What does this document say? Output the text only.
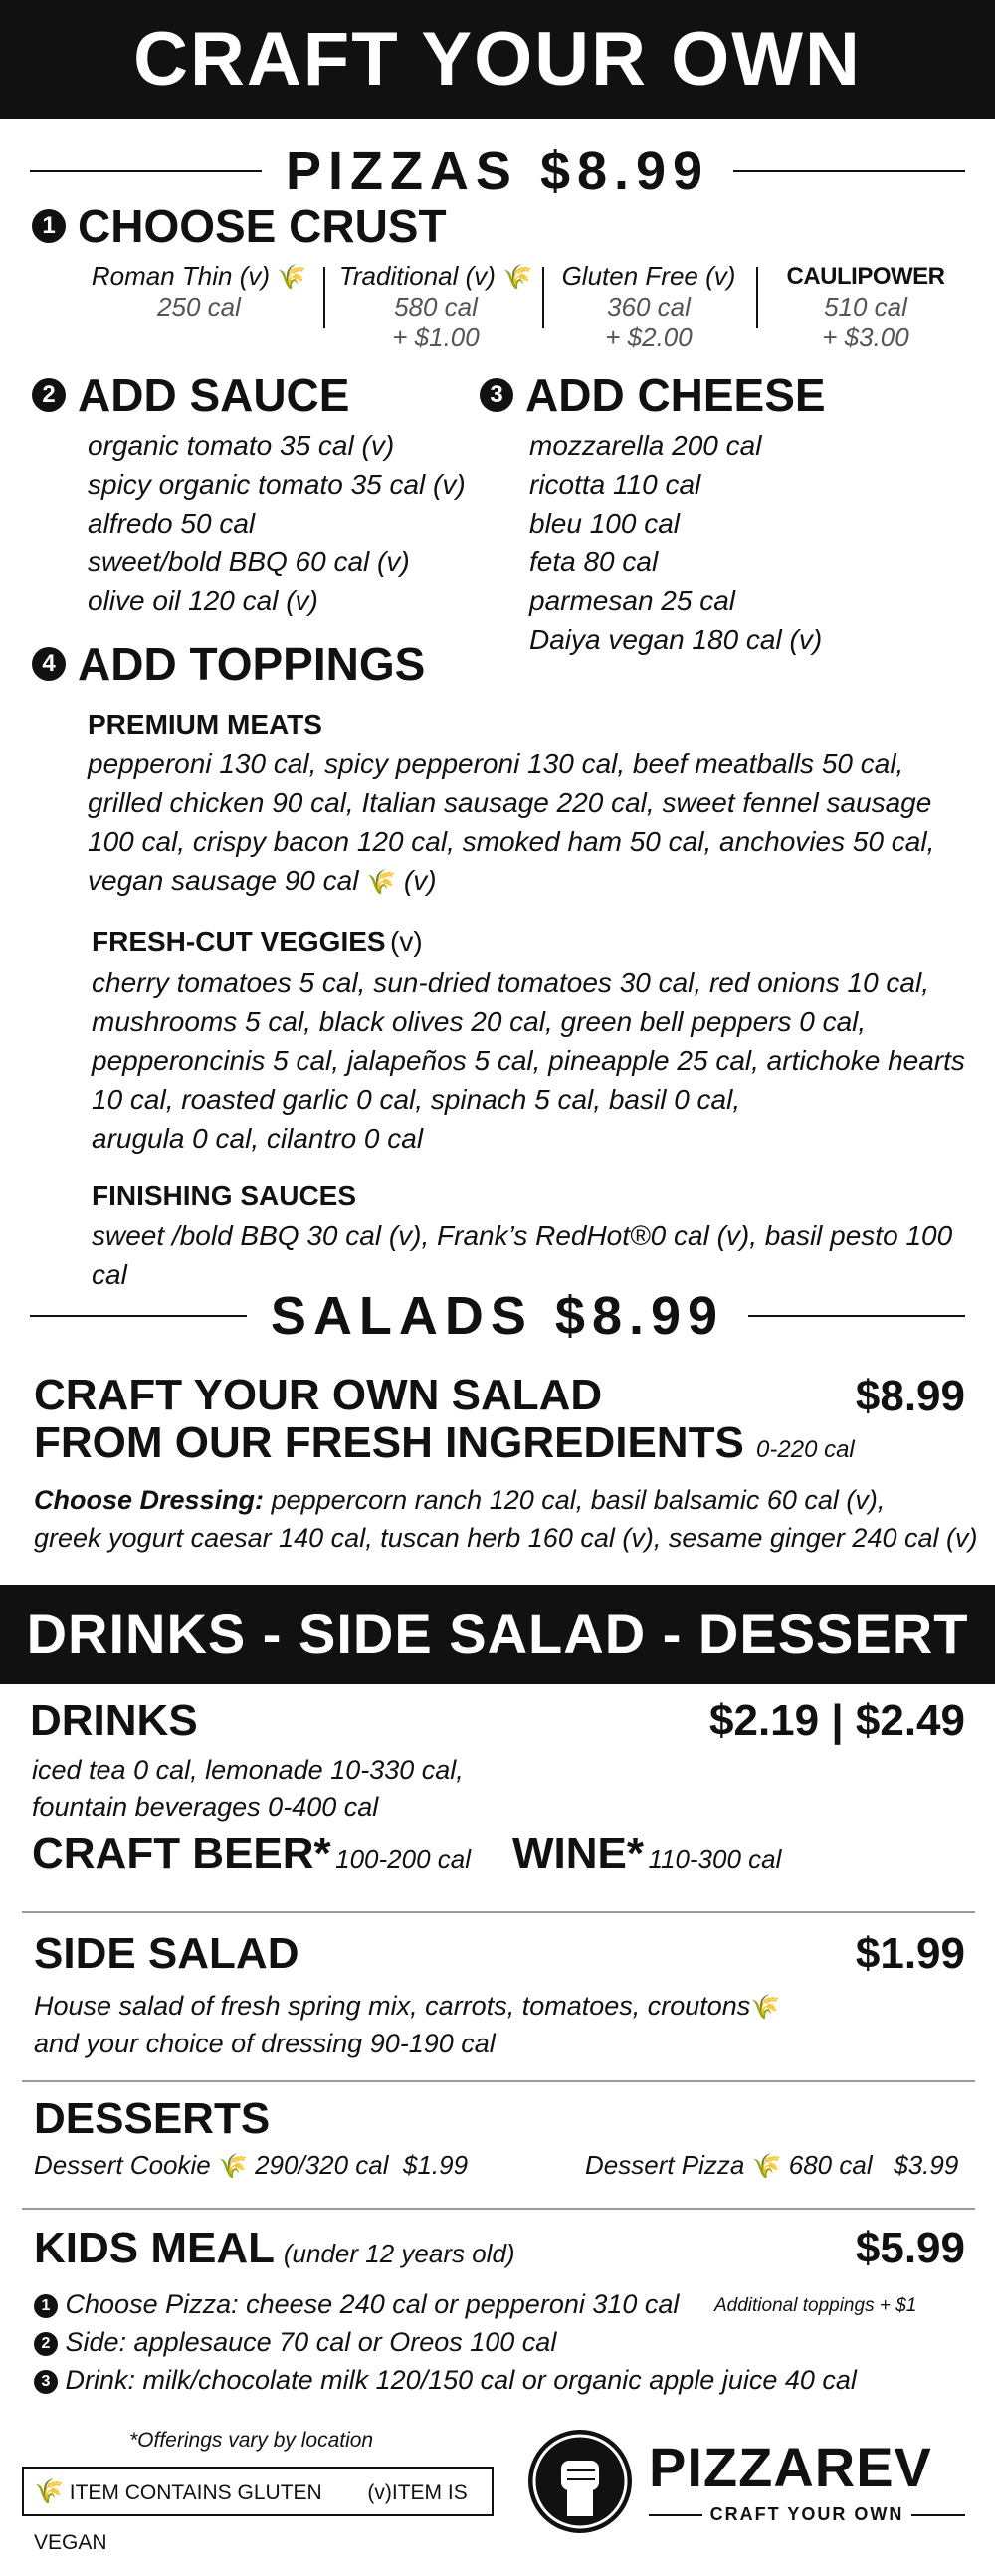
CRAFT YOUR OWN
PIZZAS $8.99
1 CHOOSE CRUST
Roman Thin (v) 🌾
250 cal
Traditional (v) 🌾
580 cal
+ $1.00
Gluten Free (v)
360 cal
+ $2.00
CAULIPOWER
510 cal
+ $3.00
2 ADD SAUCE
organic tomato 35 cal (v)
spicy organic tomato 35 cal (v)
alfredo 50 cal
sweet/bold BBQ 60 cal (v)
olive oil 120 cal (v)
3 ADD CHEESE
mozzarella 200 cal
ricotta 110 cal
bleu 100 cal
feta 80 cal
parmesan 25 cal
Daiya vegan 180 cal (v)
4 ADD TOPPINGS
PREMIUM MEATS
pepperoni 130 cal, spicy pepperoni 130 cal, beef meatballs 50 cal,
grilled chicken 90 cal, Italian sausage 220 cal, sweet fennel sausage
100 cal, crispy bacon 120 cal, smoked ham 50 cal, anchovies 50 cal,
vegan sausage 90 cal 🌾 (v)
FRESH-CUT VEGGIES (v)
cherry tomatoes 5 cal, sun-dried tomatoes 30 cal, red onions 10 cal,
mushrooms 5 cal, black olives 20 cal, green bell peppers 0 cal,
pepperoncinis 5 cal, jalapeños 5 cal, pineapple 25 cal, artichoke hearts
10 cal, roasted garlic 0 cal, spinach 5 cal, basil 0 cal,
arugula 0 cal, cilantro 0 cal
FINISHING SAUCES
sweet /bold BBQ 30 cal (v), Frank’s RedHot®0 cal (v), basil pesto 100 cal
SALADS $8.99
CRAFT YOUR OWN SALAD
FROM OUR FRESH INGREDIENTS 0-220 cal
$8.99
Choose Dressing: peppercorn ranch 120 cal, basil balsamic 60 cal (v),
greek yogurt caesar 140 cal, tuscan herb 160 cal (v), sesame ginger 240 cal (v)
DRINKS - SIDE SALAD - DESSERT
DRINKS	$2.19 | $2.49
iced tea 0 cal, lemonade 10-330 cal,
fountain beverages 0-400 cal
CRAFT BEER* 100-200 cal WINE* 110-300 cal
SIDE SALAD	$1.99
House salad of fresh spring mix, carrots, tomatoes, croutons🌾
and your choice of dressing 90-190 cal
DESSERTS
Dessert Cookie 🌾 290/320 cal $1.99	Dessert Pizza 🌾 680 cal $3.99
KIDS MEAL (under 12 years old)	$5.99
1 Choose Pizza: cheese 240 cal or pepperoni 310 cal
2 Side: applesauce 70 cal or Oreos 100 cal
3 Drink: milk/chocolate milk 120/150 cal or organic apple juice 40 cal
Additional toppings + $1
*Offerings vary by location
🌾 ITEM CONTAINS GLUTEN (v)ITEM IS VEGAN
PIZZAREV
CRAFT YOUR OWN
